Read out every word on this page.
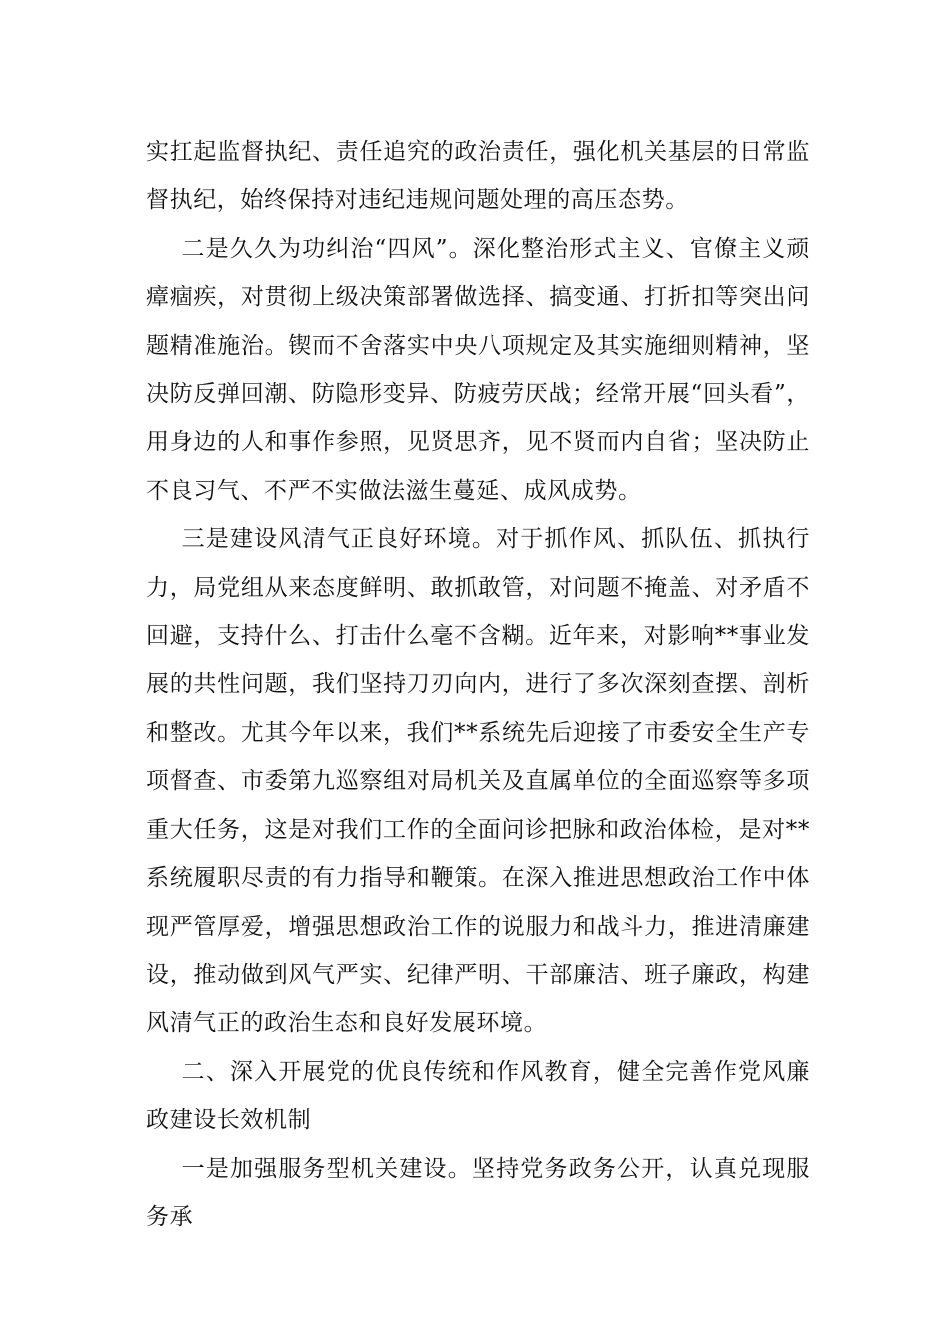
实扛起监督执纪、责任追究的政治责任，强化机关基层的日常监督执纪，始终保持对违纪违规问题处理的高压态势。

二是久久为功纠治“四风”。深化整治形式主义、官僚主义顽瘴痼疾，对贯彻上级决策部署做选择、搞变通、打折扣等突出问题精准施治。锲而不舍落实中央八项规定及其实施细则精神，坚决防反弹回潮、防隐形变异、防疲劳厌战；经常开展“回头看”，用身边的人和事作参照，见贤思齐，见不贤而内自省；坚决防止不良习气、不严不实做法滋生蔓延、成风成势。

三是建设风清气正良好环境。对于抓作风、抓队伍、抓执行力，局党组从来态度鲜明、敢抓敢管，对问题不掩盖、对矛盾不回避，支持什么、打击什么毫不含糊。近年来，对影响**事业发展的共性问题，我们坚持刀刃向内，进行了多次深刻查摆、剖析和整改。尤其今年以来，我们**系统先后迎接了市委安全生产专项督查、市委第九巡察组对局机关及直属单位的全面巡察等多项重大任务，这是对我们工作的全面问诊把脉和政治体检，是对**系统履职尽责的有力指导和鞭策。在深入推进思想政治工作中体现严管厚爱，增强思想政治工作的说服力和战斗力，推进清廉建设，推动做到风气严实、纪律严明、干部廉洁、班子廉政，构建风清气正的政治生态和良好发展环境。

二、深入开展党的优良传统和作风教育，健全完善作党风廉政建设长效机制

一是加强服务型机关建设。坚持党务政务公开，认真兑现服务承
